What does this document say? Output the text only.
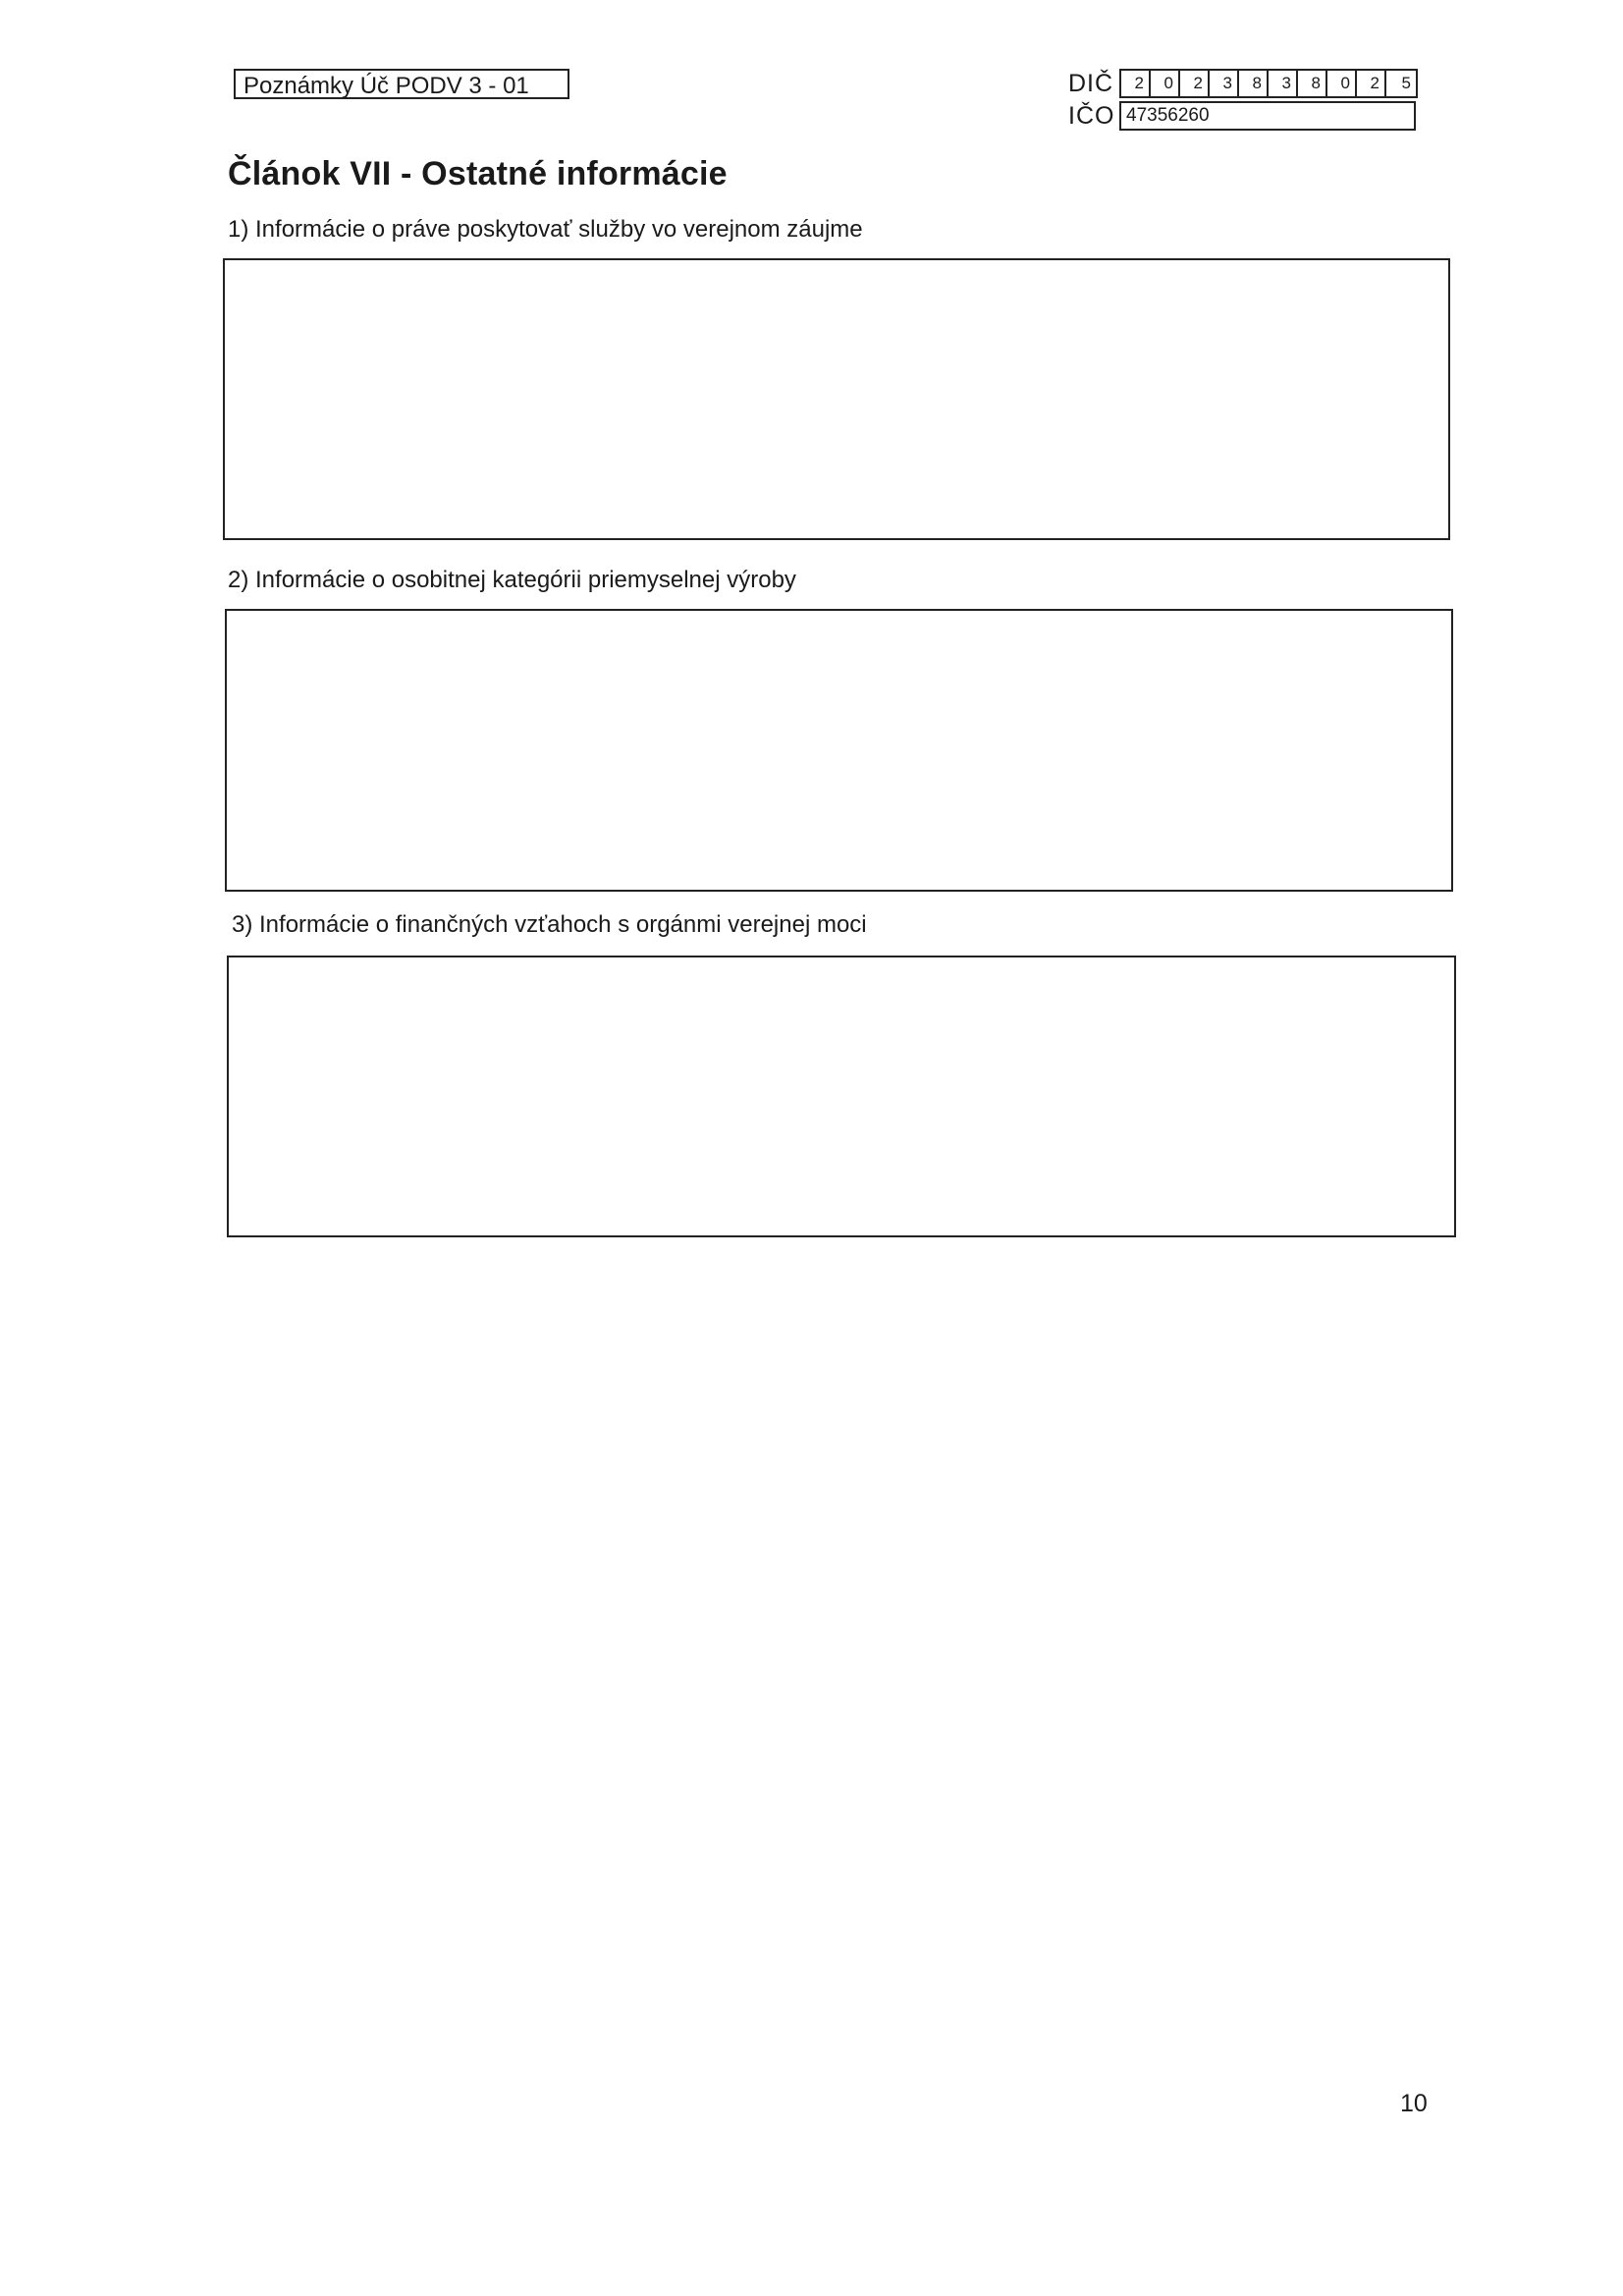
Poznámky Úč PODV 3 - 01	DIČ	2	0	2	3	8	3	8	0	2	5
IČO 47356260
Článok VII - Ostatné informácie
1) Informácie o práve poskytovať služby vo verejnom záujme
2) Informácie o osobitnej kategórii priemyselnej výroby
3) Informácie o finančných vzťahoch s orgánmi verejnej moci
10
